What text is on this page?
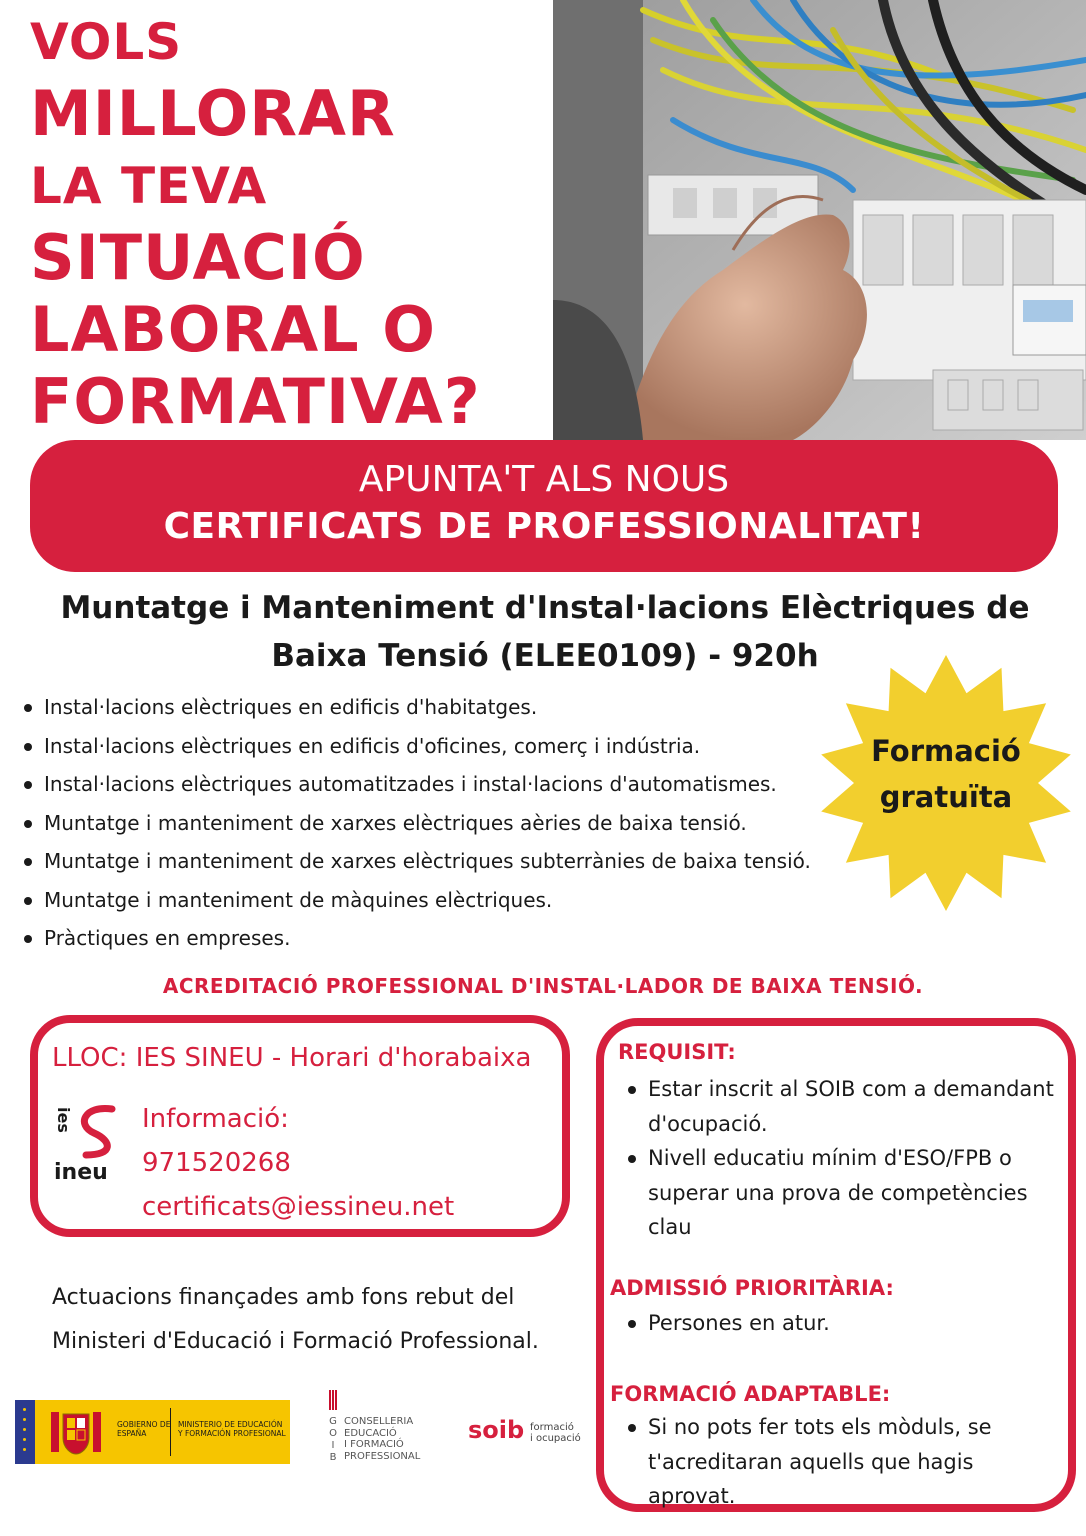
VOLS
MILLORAR
LA TEVA
SITUACIÓ
LABORAL O
FORMATIVA?
APUNTA'T ALS NOUS
CERTIFICATS DE PROFESSIONALITAT!
Muntatge i Manteniment d'Instal·lacions Elèctriques de
Baixa Tensió (ELEE0109) - 920h
Instal·lacions elèctriques en edificis d'habitatges.
Instal·lacions elèctriques en edificis d'oficines, comerç i indústria.
Instal·lacions elèctriques automatitzades i instal·lacions d'automatismes.
Muntatge i manteniment de xarxes elèctriques aèries de baixa tensió.
Muntatge i manteniment de xarxes elèctriques subterrànies de baixa tensió.
Muntatge i manteniment de màquines elèctriques.
Pràctiques en empreses.
Formació
gratuïta
ACREDITACIÓ PROFESSIONAL D'INSTAL·LADOR DE BAIXA TENSIÓ.
LLOC: IES SINEU - Horari d'horabaixa
ies
ineu
Informació:
971520268
certificats@iessineu.net
Actuacions finançades amb fons rebut del
Ministeri d'Educació i Formació Professional.
REQUISIT:
Estar inscrit al SOIB com a demandant d'ocupació.
Nivell educatiu mínim d'ESO/FPB o superar una prova de competències clau
ADMISSIÓ PRIORITÀRIA:
Persones en atur.
FORMACIÓ ADAPTABLE:
Si no pots fer tots els mòduls, se t'acreditaran aquells que hagis aprovat.
GOBIERNO DE ESPAÑA
MINISTERIO DE EDUCACIÓN Y FORMACIÓN PROFESIONAL
G O I B
CONSELLERIA
EDUCACIÓ
I FORMACIÓ
PROFESSIONAL
soib formació
i ocupació
